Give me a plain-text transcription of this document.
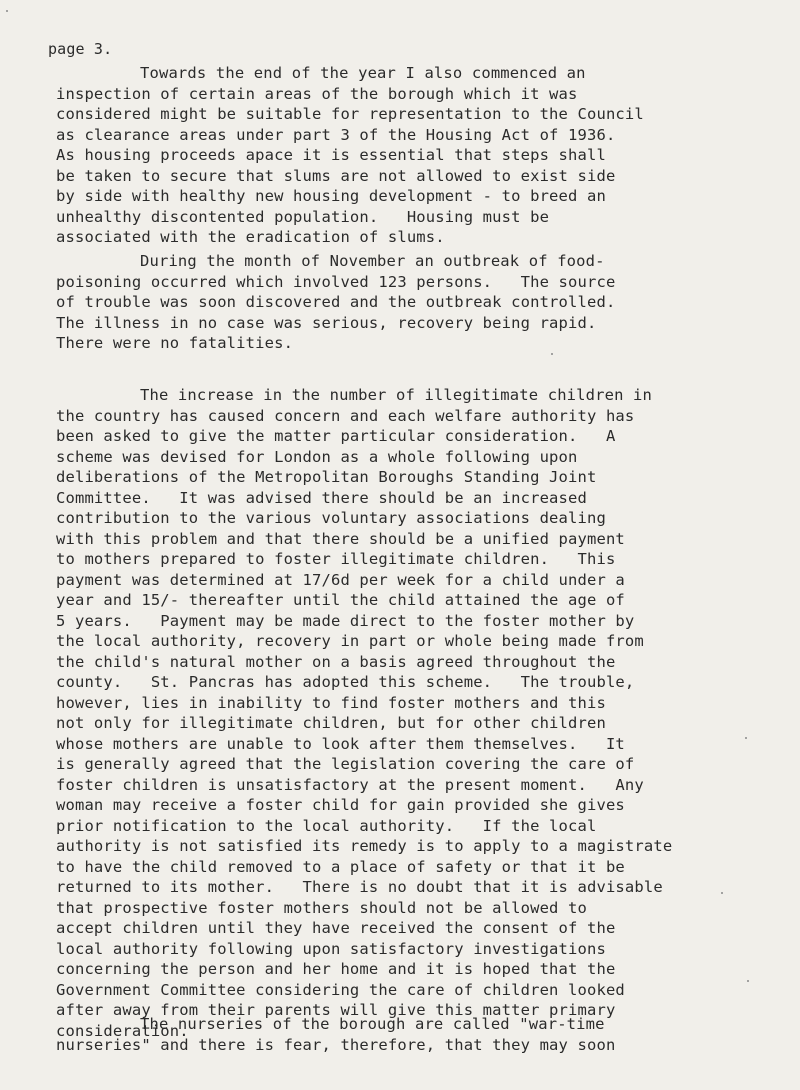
page 3.
Towards the end of the year I also commenced an
inspection of certain areas of the borough which it was
considered might be suitable for representation to the Council
as clearance areas under part 3 of the Housing Act of 1936.
As housing proceeds apace it is essential that steps shall
be taken to secure that slums are not allowed to exist side
by side with healthy new housing development - to breed an
unhealthy discontented population.   Housing must be
associated with the eradication of slums.
During the month of November an outbreak of food-
poisoning occurred which involved 123 persons.   The source
of trouble was soon discovered and the outbreak controlled.
The illness in no case was serious, recovery being rapid.
There were no fatalities.
The increase in the number of illegitimate children in
the country has caused concern and each welfare authority has
been asked to give the matter particular consideration.   A
scheme was devised for London as a whole following upon
deliberations of the Metropolitan Boroughs Standing Joint
Committee.   It was advised there should be an increased
contribution to the various voluntary associations dealing
with this problem and that there should be a unified payment
to mothers prepared to foster illegitimate children.   This
payment was determined at 17/6d per week for a child under a
year and 15/- thereafter until the child attained the age of
5 years.   Payment may be made direct to the foster mother by
the local authority, recovery in part or whole being made from
the child's natural mother on a basis agreed throughout the
county.   St. Pancras has adopted this scheme.   The trouble,
however, lies in inability to find foster mothers and this
not only for illegitimate children, but for other children
whose mothers are unable to look after them themselves.   It
is generally agreed that the legislation covering the care of
foster children is unsatisfactory at the present moment.   Any
woman may receive a foster child for gain provided she gives
prior notification to the local authority.   If the local
authority is not satisfied its remedy is to apply to a magistrate
to have the child removed to a place of safety or that it be
returned to its mother.   There is no doubt that it is advisable
that prospective foster mothers should not be allowed to
accept children until they have received the consent of the
local authority following upon satisfactory investigations
concerning the person and her home and it is hoped that the
Government Committee considering the care of children looked
after away from their parents will give this matter primary
consideration.
The nurseries of the borough are called "war-time
nurseries" and there is fear, therefore, that they may soon
